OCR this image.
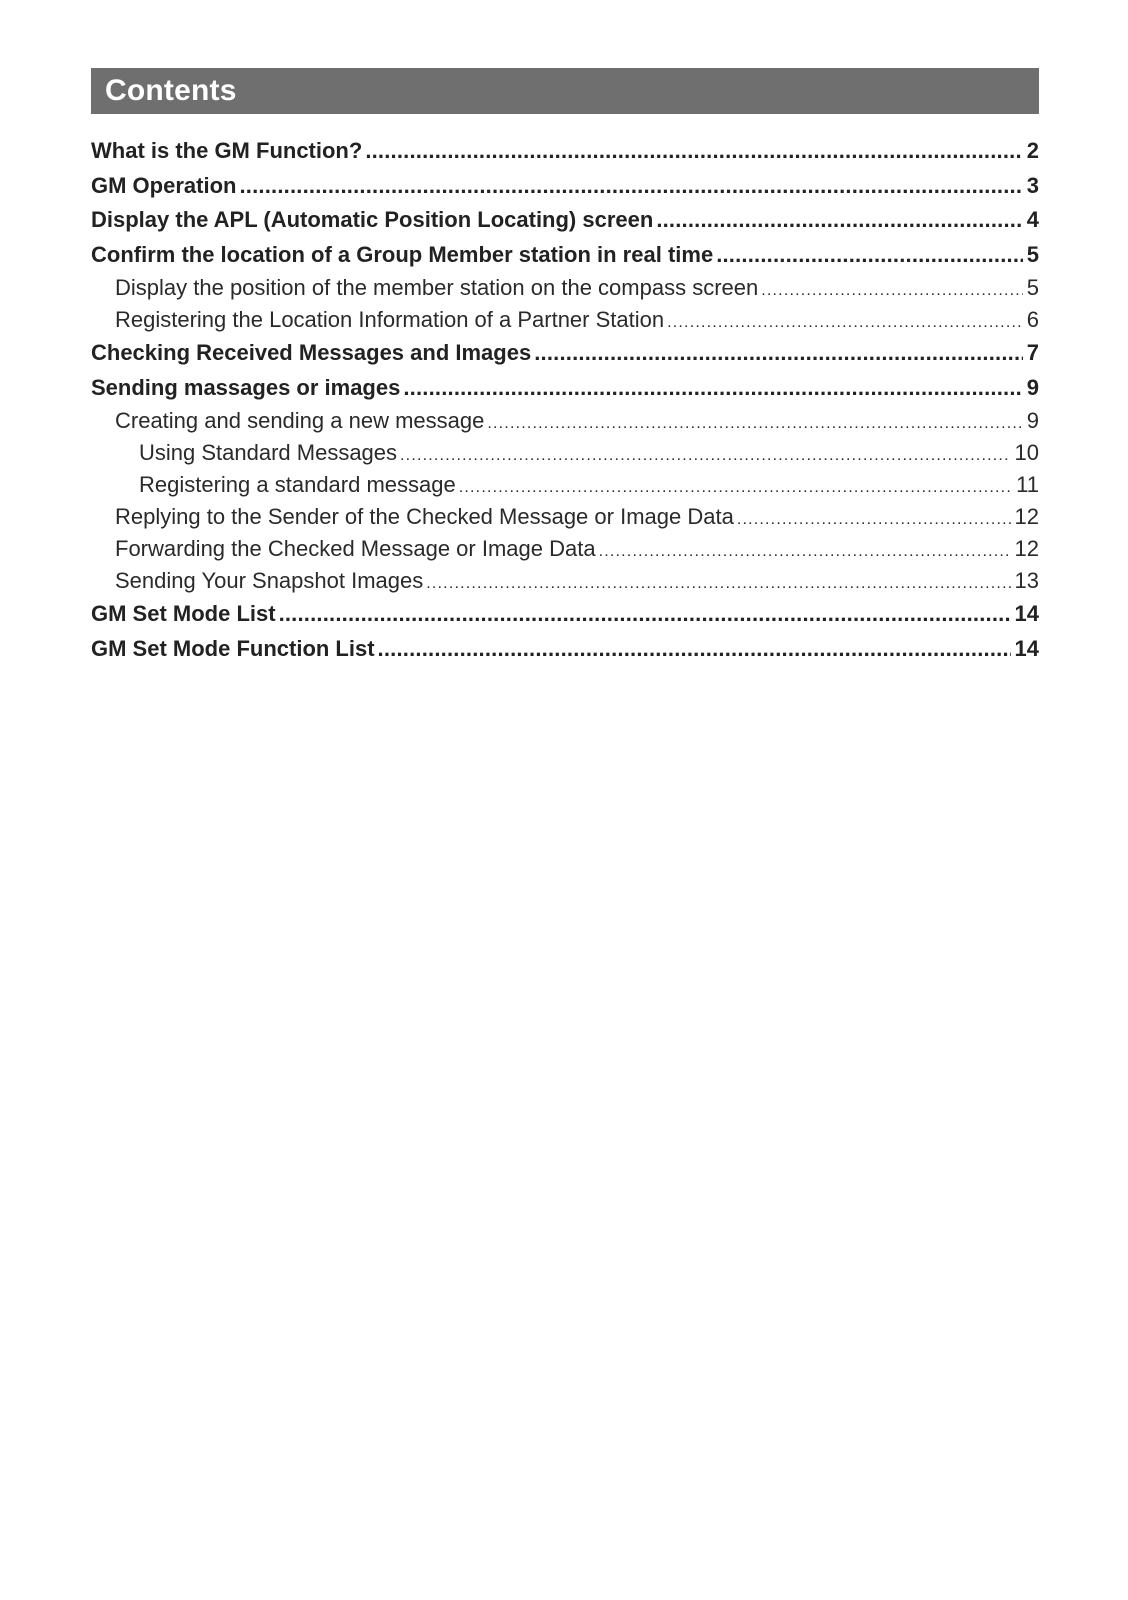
Contents
What is the GM Function? .....	2
GM Operation .....	3
Display the APL (Automatic Position Locating) screen .....	4
Confirm the location of a Group Member station in real time .....	5
Display the position of the member station on the compass screen .....	5
Registering the Location Information of a Partner Station .....	6
Checking Received Messages and Images .....	7
Sending massages or images .....	9
Creating and sending a new message .....	9
Using Standard Messages .....	10
Registering a standard message .....	11
Replying to the Sender of the Checked Message or Image Data .....	12
Forwarding the Checked Message or Image Data .....	12
Sending Your Snapshot Images .....	13
GM Set Mode List .....	14
GM Set Mode Function List .....	14
